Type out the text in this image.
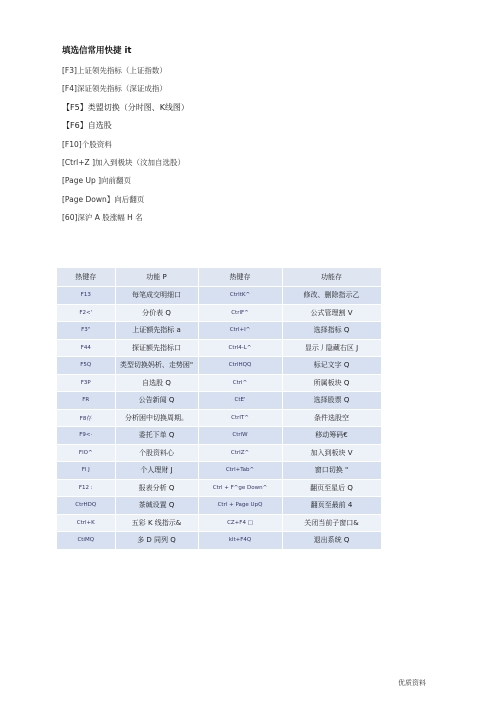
填选信常用快捷 it
[F3]上证领先指标（上证指数）
[F4]深证领先指标（深证成指）
【F5】类盟切换（分时图、K线图）
【F6】自选股
[F10]个股资料
[Ctrl+Z ]加入到极块（汶加自选股）
[Page Up ]向前翻页
[Page Down】向后翻页
[60]深沪 A 股涨幅 H 名
热键存	功能 P	热键存	功能存
F13	每笔成交明细口	CtrltK^	修改、删除指示乙
F2<'	分价表 Q	CtrlF^	公式管理割 V
F3"	上证额先指标 a	Ctrl+I^	选择指标 Q
F44	探证额先指标口	Ctrl4-L^	显示丿隐藏右区 J
F5Q	类型切换妈析、走势困"	CtrlHQQ	标记文字 Q
F3P	自选股 Q	Ctrl^	所属板块 Q
FR	公告新闻 Q	CtE'	选择股票 Q
F8存	分析困中切换周期。	CtrlT^	条件选股空
F9<·	委托下单 Q	CtrlW	移动筹码€
FlO^	个股资料心	CtrlZ^	加入到板块 V
Fl J	个人理财 J	Ctrl+Tab^	窗口切换 "
F12 :	报表分析 Q	Ctrl + F^ge Down^	翻页至星后 Q
CtrHDQ	茶缄设置 Q	Ctrl + Page UpQ	翻页至最前 4
Ctrl+K	五彩 K 线指示&	CZ+F4 □	关闭当前子窗口&
CtiMQ	多 D 同列 Q	klt+F4Q	退出系统 Q
优质资料
